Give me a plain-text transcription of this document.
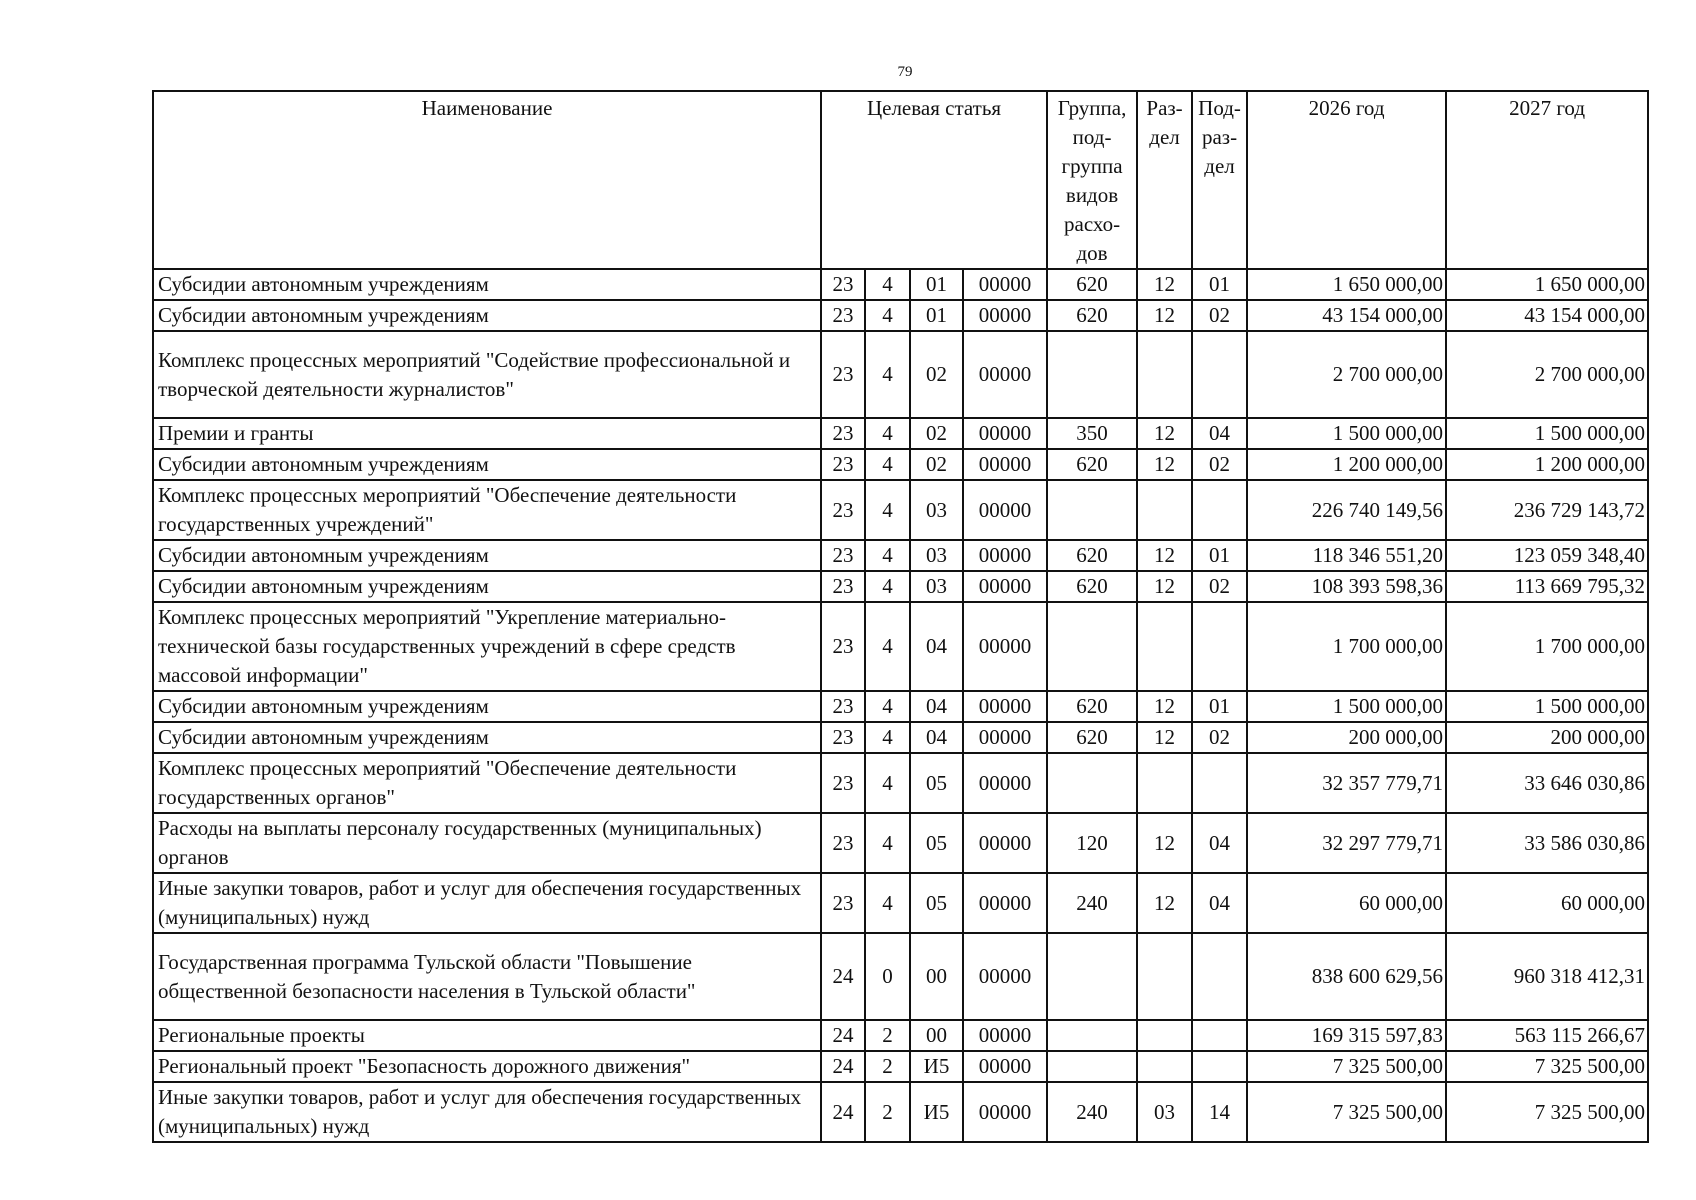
79
Наименование	Целевая статья				Группа, под- группа видов расхо- дов	Раз- дел	Под- раз- дел	2026 год	2027 год
Субсидии автономным учреждениям	23	4	01	00000	620	12	01	1 650 000,00	1 650 000,00
Субсидии автономным учреждениям	23	4	01	00000	620	12	02	43 154 000,00	43 154 000,00
Комплекс процессных мероприятий "Содействие профессиональной и творческой деятельности журналистов"	23	4	02	00000				2 700 000,00	2 700 000,00
Премии и гранты	23	4	02	00000	350	12	04	1 500 000,00	1 500 000,00
Субсидии автономным учреждениям	23	4	02	00000	620	12	02	1 200 000,00	1 200 000,00
Комплекс процессных мероприятий "Обеспечение деятельности государственных учреждений"	23	4	03	00000				226 740 149,56	236 729 143,72
Субсидии автономным учреждениям	23	4	03	00000	620	12	01	118 346 551,20	123 059 348,40
Субсидии автономным учреждениям	23	4	03	00000	620	12	02	108 393 598,36	113 669 795,32
Комплекс процессных мероприятий "Укрепление материально-технической базы государственных учреждений в сфере средств массовой информации"	23	4	04	00000				1 700 000,00	1 700 000,00
Субсидии автономным учреждениям	23	4	04	00000	620	12	01	1 500 000,00	1 500 000,00
Субсидии автономным учреждениям	23	4	04	00000	620	12	02	200 000,00	200 000,00
Комплекс процессных мероприятий "Обеспечение деятельности государственных органов"	23	4	05	00000				32 357 779,71	33 646 030,86
Расходы на выплаты персоналу государственных (муниципальных) органов	23	4	05	00000	120	12	04	32 297 779,71	33 586 030,86
Иные закупки товаров, работ и услуг для обеспечения государственных (муниципальных) нужд	23	4	05	00000	240	12	04	60 000,00	60 000,00
Государственная программа Тульской области "Повышение общественной безопасности населения в Тульской области"	24	0	00	00000				838 600 629,56	960 318 412,31
Региональные проекты	24	2	00	00000				169 315 597,83	563 115 266,67
Региональный проект "Безопасность дорожного движения"	24	2	И5	00000				7 325 500,00	7 325 500,00
Иные закупки товаров, работ и услуг для обеспечения государственных (муниципальных) нужд	24	2	И5	00000	240	03	14	7 325 500,00	7 325 500,00
